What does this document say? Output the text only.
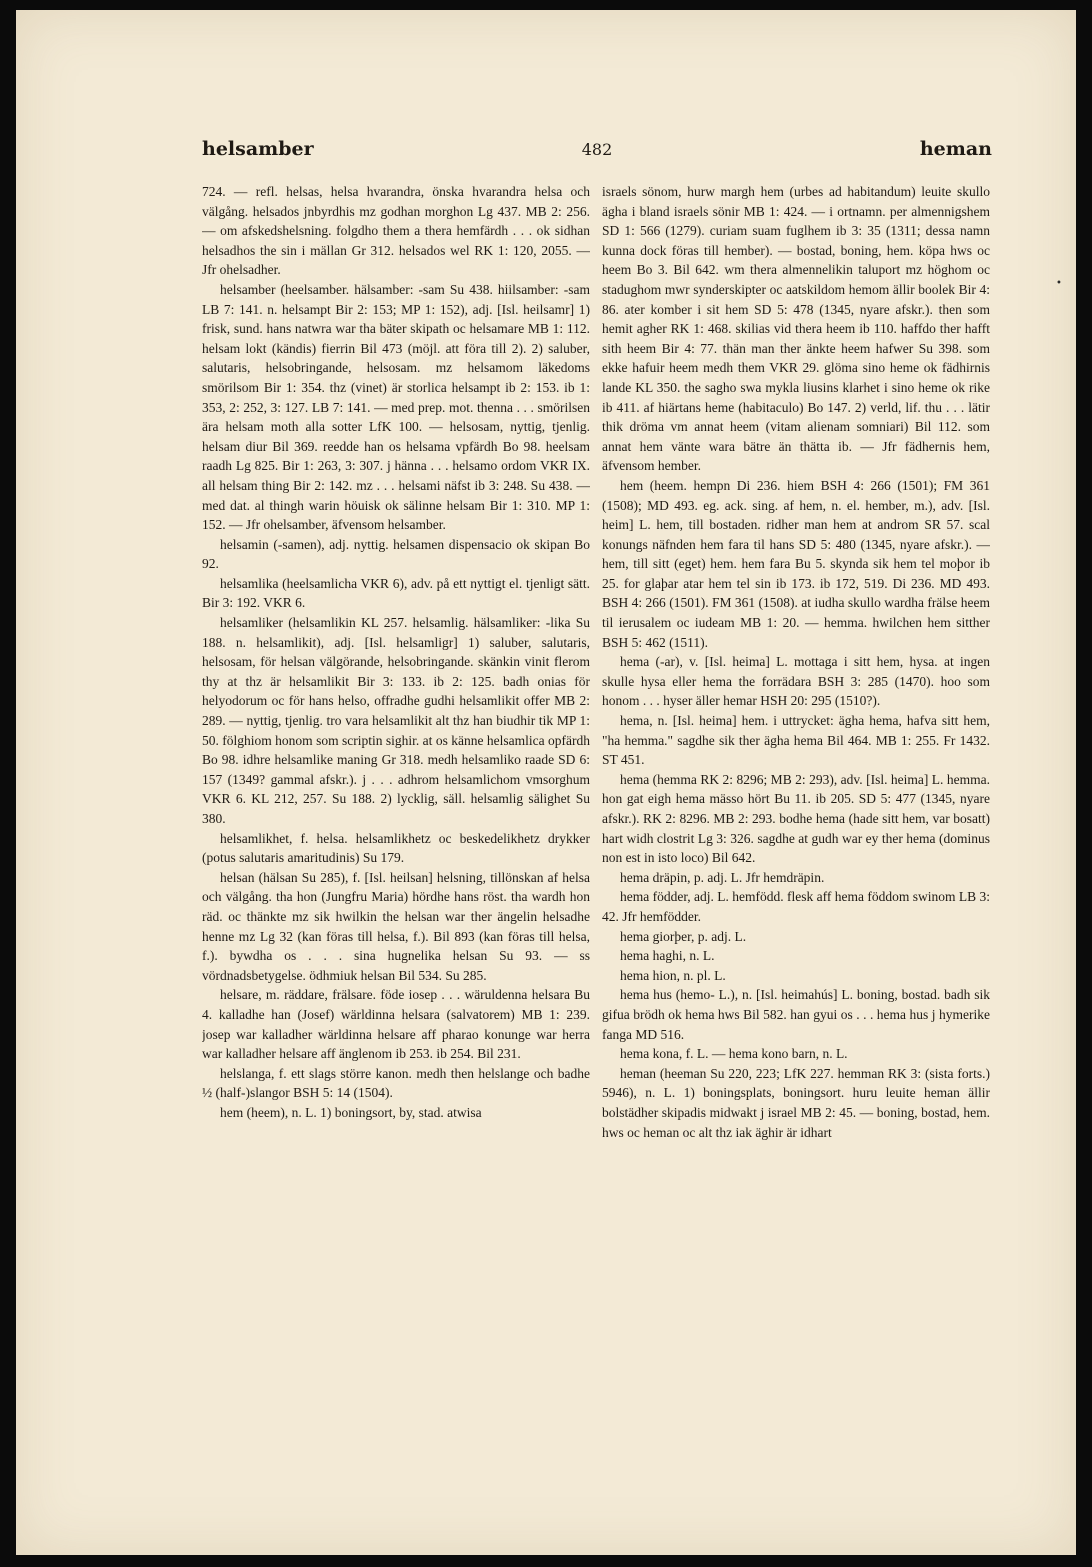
helsamber	482	heman

724. — refl. helsas, helsa hvarandra, önska hvarandra helsa och välgång. helsados jnbyrdhis mz godhan morghon Lg 437. MB 2: 256. — om afskedshelsning. folgdho them a thera hemfärdh . . . ok sidhan helsadhos the sin i mällan Gr 312. helsados wel RK 1: 120, 2055. — Jfr ohelsadher.

helsamber (heelsamber. hälsamber: -sam Su 438. hiilsamber: -sam LB 7: 141. n. helsampt Bir 2: 153; MP 1: 152), adj. [Isl. heilsamr] 1) frisk, sund. hans natwra war tha bäter skipath oc helsamare MB 1: 112. helsam lokt (kändis) fierrin Bil 473 (möjl. att föra till 2). 2) saluber, salutaris, helsobringande, helsosam. mz helsamom läkedoms smörilsom Bir 1: 354. thz (vinet) är storlica helsampt ib 2: 153. ib 1: 353, 2: 252, 3: 127. LB 7: 141. — med prep. mot. thenna . . . smörilsen ära helsam moth alla sotter LfK 100. — helsosam, nyttig, tjenlig. helsam diur Bil 369. reedde han os helsama vpfärdh Bo 98. heelsam raadh Lg 825. Bir 1: 263, 3: 307. j hänna . . . helsamo ordom VKR IX. all helsam thing Bir 2: 142. mz . . . helsami näfst ib 3: 248. Su 438. — med dat. al thingh warin höuisk ok sälinne helsam Bir 1: 310. MP 1: 152. — Jfr ohelsamber, äfvensom helsamber.

helsamin (-samen), adj. nyttig. helsamen dispensacio ok skipan Bo 92.

helsamlika (heelsamlicha VKR 6), adv. på ett nyttigt el. tjenligt sätt. Bir 3: 192. VKR 6.

helsamliker (helsamlikin KL 257. helsamlig. hälsamliker: -lika Su 188. n. helsamlikit), adj. [Isl. helsamligr] 1) saluber, salutaris, helsosam, för helsan välgörande, helsobringande. skänkin vinit flerom thy at thz är helsamlikit Bir 3: 133. ib 2: 125. badh onias för helyodorum oc för hans helso, offradhe gudhi helsamlikit offer MB 2: 289. — nyttig, tjenlig. tro vara helsamlikit alt thz han biudhir tik MP 1: 50. fölghiom honom som scriptin sighir. at os känne helsamlica opfärdh Bo 98. idhre helsamlike maning Gr 318. medh helsamliko raade SD 6: 157 (1349? gammal afskr.). j . . . adhrom helsamlichom vmsorghum VKR 6. KL 212, 257. Su 188. 2) lycklig, säll. helsamlig sälighet Su 380.

helsamlikhet, f. helsa. helsamlikhetz oc beskedelikhetz drykker (potus salutaris amaritudinis) Su 179.

helsan (hälsan Su 285), f. [Isl. heilsan] helsning, tillönskan af helsa och välgång. tha hon (Jungfru Maria) hördhe hans röst. tha wardh hon räd. oc thänkte mz sik hwilkin the helsan war ther ängelin helsadhe henne mz Lg 32 (kan föras till helsa, f.). Bil 893 (kan föras till helsa, f.). bywdha os . . . sina hugnelika helsan Su 93. — ss vördnadsbetygelse. ödhmiuk helsan Bil 534. Su 285.

helsare, m. räddare, frälsare. föde iosep . . . wäruldenna helsara Bu 4. kalladhe han (Josef) wärldinna helsara (salvatorem) MB 1: 239. josep war kalladher wärldinna helsare aff pharao konunge war herra war kalladher helsare aff änglenom ib 253. ib 254. Bil 231.

helslanga, f. ett slags större kanon. medh then helslange och badhe ½ (half-)slangor BSH 5: 14 (1504).

hem (heem), n. L. 1) boningsort, by, stad. atwisa

israels sönom, hurw margh hem (urbes ad habitandum) leuite skullo ägha i bland israels sönir MB 1: 424. — i ortnamn. per almennigshem SD 1: 566 (1279). curiam suam fuglhem ib 3: 35 (1311; dessa namn kunna dock föras till hember). — bostad, boning, hem. köpa hws oc heem Bo 3. Bil 642. wm thera almennelikin taluport mz höghom oc stadughom mwr synderskipter oc aatskildom hemom ällir boolek Bir 4: 86. ater komber i sit hem SD 5: 478 (1345, nyare afskr.). then som hemit agher RK 1: 468. skilias vid thera heem ib 110. haffdo ther hafft sith heem Bir 4: 77. thän man ther änkte heem hafwer Su 398. som ekke hafuir heem medh them VKR 29. glöma sino heme ok fädhirnis lande KL 350. the sagho swa mykla liusins klarhet i sino heme ok rike ib 411. af hiärtans heme (habitaculo) Bo 147. 2) verld, lif. thu . . . lätir thik dröma vm annat heem (vitam alienam somniari) Bil 112. som annat hem vänte wara bätre än thätta ib. — Jfr fädhernis hem, äfvensom hember.

hem (heem. hempn Di 236. hiem BSH 4: 266 (1501); FM 361 (1508); MD 493. eg. ack. sing. af hem, n. el. hember, m.), adv. [Isl. heim] L. hem, till bostaden. ridher man hem at androm SR 57. scal konungs näfnden hem fara til hans SD 5: 480 (1345, nyare afskr.). — hem, till sitt (eget) hem. hem fara Bu 5. skynda sik hem tel moþor ib 25. for glaþar atar hem tel sin ib 173. ib 172, 519. Di 236. MD 493. BSH 4: 266 (1501). FM 361 (1508). at iudha skullo wardha frälse heem til ierusalem oc iudeam MB 1: 20. — hemma. hwilchen hem sitther BSH 5: 462 (1511).

hema (-ar), v. [Isl. heima] L. mottaga i sitt hem, hysa. at ingen skulle hysa eller hema the forrädara BSH 3: 285 (1470). hoo som honom . . . hyser äller hemar HSH 20: 295 (1510?).

hema, n. [Isl. heima] hem. i uttrycket: ägha hema, hafva sitt hem, "ha hemma." sagdhe sik ther ägha hema Bil 464. MB 1: 255. Fr 1432. ST 451.

hema (hemma RK 2: 8296; MB 2: 293), adv. [Isl. heima] L. hemma. hon gat eigh hema mässo hört Bu 11. ib 205. SD 5: 477 (1345, nyare afskr.). RK 2: 8296. MB 2: 293. bodhe hema (hade sitt hem, var bosatt) hart widh clostrit Lg 3: 326. sagdhe at gudh war ey ther hema (dominus non est in isto loco) Bil 642.

hema dräpin, p. adj. L. Jfr hemdräpin.

hema födder, adj. L. hemfödd. flesk aff hema föddom swinom LB 3: 42. Jfr hemfödder.

hema giorþer, p. adj. L.

hema haghi, n. L.

hema hion, n. pl. L.

hema hus (hemo- L.), n. [Isl. heimahús] L. boning, bostad. badh sik gifua brödh ok hema hws Bil 582. han gyui os . . . hema hus j hymerike fanga MD 516.

hema kona, f. L. — hema kono barn, n. L.

heman (heeman Su 220, 223; LfK 227. hemman RK 3: (sista forts.) 5946), n. L. 1) boningsplats, boningsort. huru leuite heman ällir bolstädher skipadis midwakt j israel MB 2: 45. — boning, bostad, hem. hws oc heman oc alt thz iak äghir är idhart

•
